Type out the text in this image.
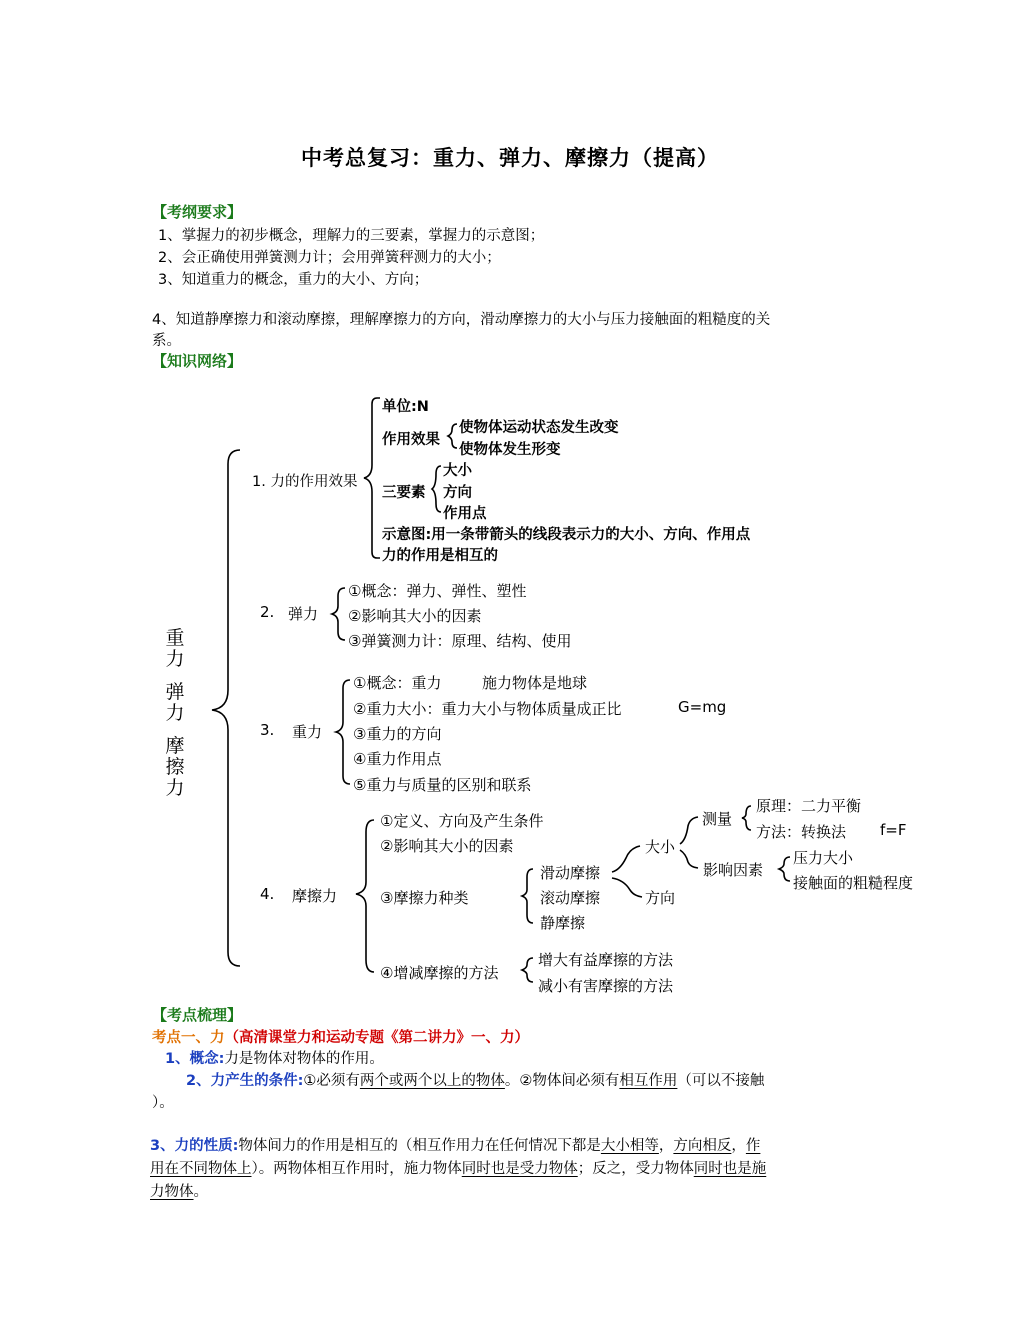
中考总复习：重力、弹力、摩擦力（提高）
【考纲要求】
1、掌握力的初步概念，理解力的三要素，掌握力的示意图；
2、会正确使用弹簧测力计；会用弹簧秤测力的大小；
3、知道重力的概念，重力的大小、方向；
4、知道静摩擦力和滚动摩擦，理解摩擦力的方向，滑动摩擦力的大小与压力接触面的粗糙度的关
系。
【知识网络】
重
力
弹
力
摩
擦
力
1. 力的作用效果
单位:N
作用效果
使物体运动状态发生改变
使物体发生形变
三要素
大小
方向
作用点
示意图:用一条带箭头的线段表示力的大小、方向、作用点
力的作用是相互的
2. 弹力
①概念：弹力、弹性、塑性
②影响其大小的因素
③弹簧测力计：原理、结构、使用
3. 重力
①概念：重力	施力物体是地球
②重力大小：重力大小与物体质量成正比	G=mg
③重力的方向
④重力作用点
⑤重力与质量的区别和联系
4. 摩擦力
①定义、方向及产生条件
②影响其大小的因素
③摩擦力种类
滑动摩擦
滚动摩擦
静摩擦
大小
方向
测量
原理：二力平衡
方法：转换法 f=F
影响因素
压力大小
接触面的粗糙程度
④增减摩擦的方法
增大有益摩擦的方法
减小有害摩擦的方法
【考点梳理】
考点一、力（高清课堂力和运动专题《第二讲力》一、力）
1、概念:力是物体对物体的作用。
2、力产生的条件:①必须有两个或两个以上的物体。②物体间必须有相互作用（可以不接触
）。
3、力的性质:物体间力的作用是相互的（相互作用力在任何情况下都是大小相等，方向相反，作
用在不同物体上）。两物体相互作用时，施力物体同时也是受力物体；反之，受力物体同时也是施
力物体。
